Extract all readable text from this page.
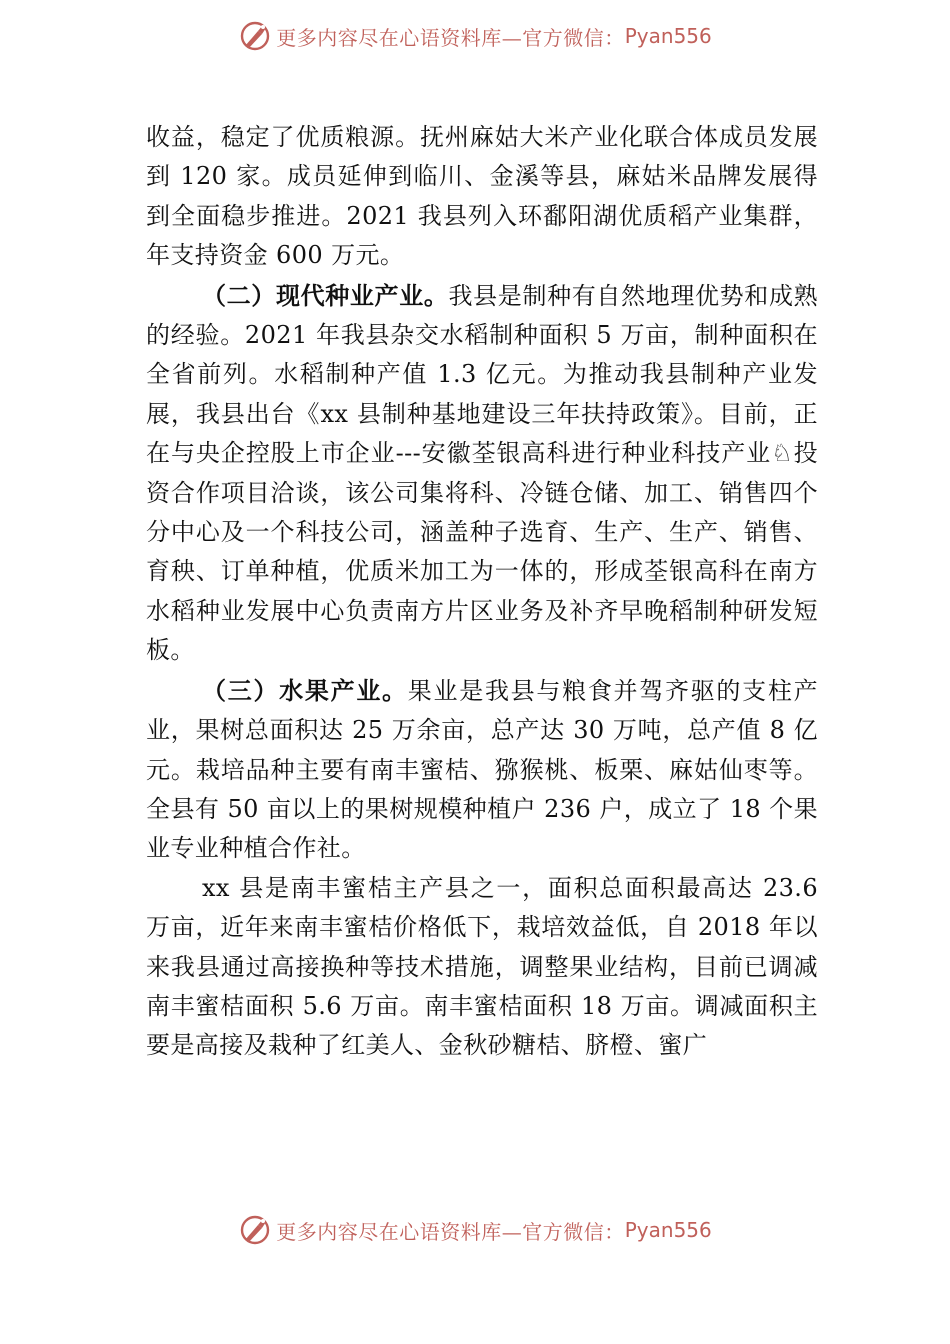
更多内容尽在心语资料库—官方微信： Pyan556

收益，稳定了优质粮源。抚州麻姑大米产业化联合体成员发展到 120 家。成员延伸到临川、金溪等县，麻姑米品牌发展得到全面稳步推进。2021 我县列入环鄱阳湖优质稻产业集群，年支持资金 600 万元。

（二）现代种业产业。我县是制种有自然地理优势和成熟的经验。2021 年我县杂交水稻制种面积 5 万亩，制种面积在全省前列。水稻制种产值 1.3 亿元。为推动我县制种产业发展，我县出台《xx 县制种基地建设三年扶持政策》。目前，正在与央企控股上市企业---安徽荃银高科进行种业科技产业♘投资合作项目洽谈，该公司集将科、冷链仓储、加工、销售四个分中心及一个科技公司，涵盖种子选育、生产、生产、销售、育秧、订单种植，优质米加工为一体的，形成荃银高科在南方水稻种业发展中心负责南方片区业务及补齐早晚稻制种研发短板。

（三）水果产业。果业是我县与粮食并驾齐驱的支柱产业，果树总面积达 25 万余亩，总产达 30 万吨，总产值 8 亿元。栽培品种主要有南丰蜜桔、猕猴桃、板栗、麻姑仙枣等。全县有 50 亩以上的果树规模种植户 236 户，成立了 18 个果业专业种植合作社。

xx 县是南丰蜜桔主产县之一，面积总面积最高达 23.6 万亩，近年来南丰蜜桔价格低下，栽培效益低，自 2018 年以来我县通过高接换种等技术措施，调整果业结构，目前已调减南丰蜜桔面积 5.6 万亩。南丰蜜桔面积 18 万亩。调减面积主要是高接及栽种了红美人、金秋砂糖桔、脐橙、蜜广

更多内容尽在心语资料库—官方微信： Pyan556
